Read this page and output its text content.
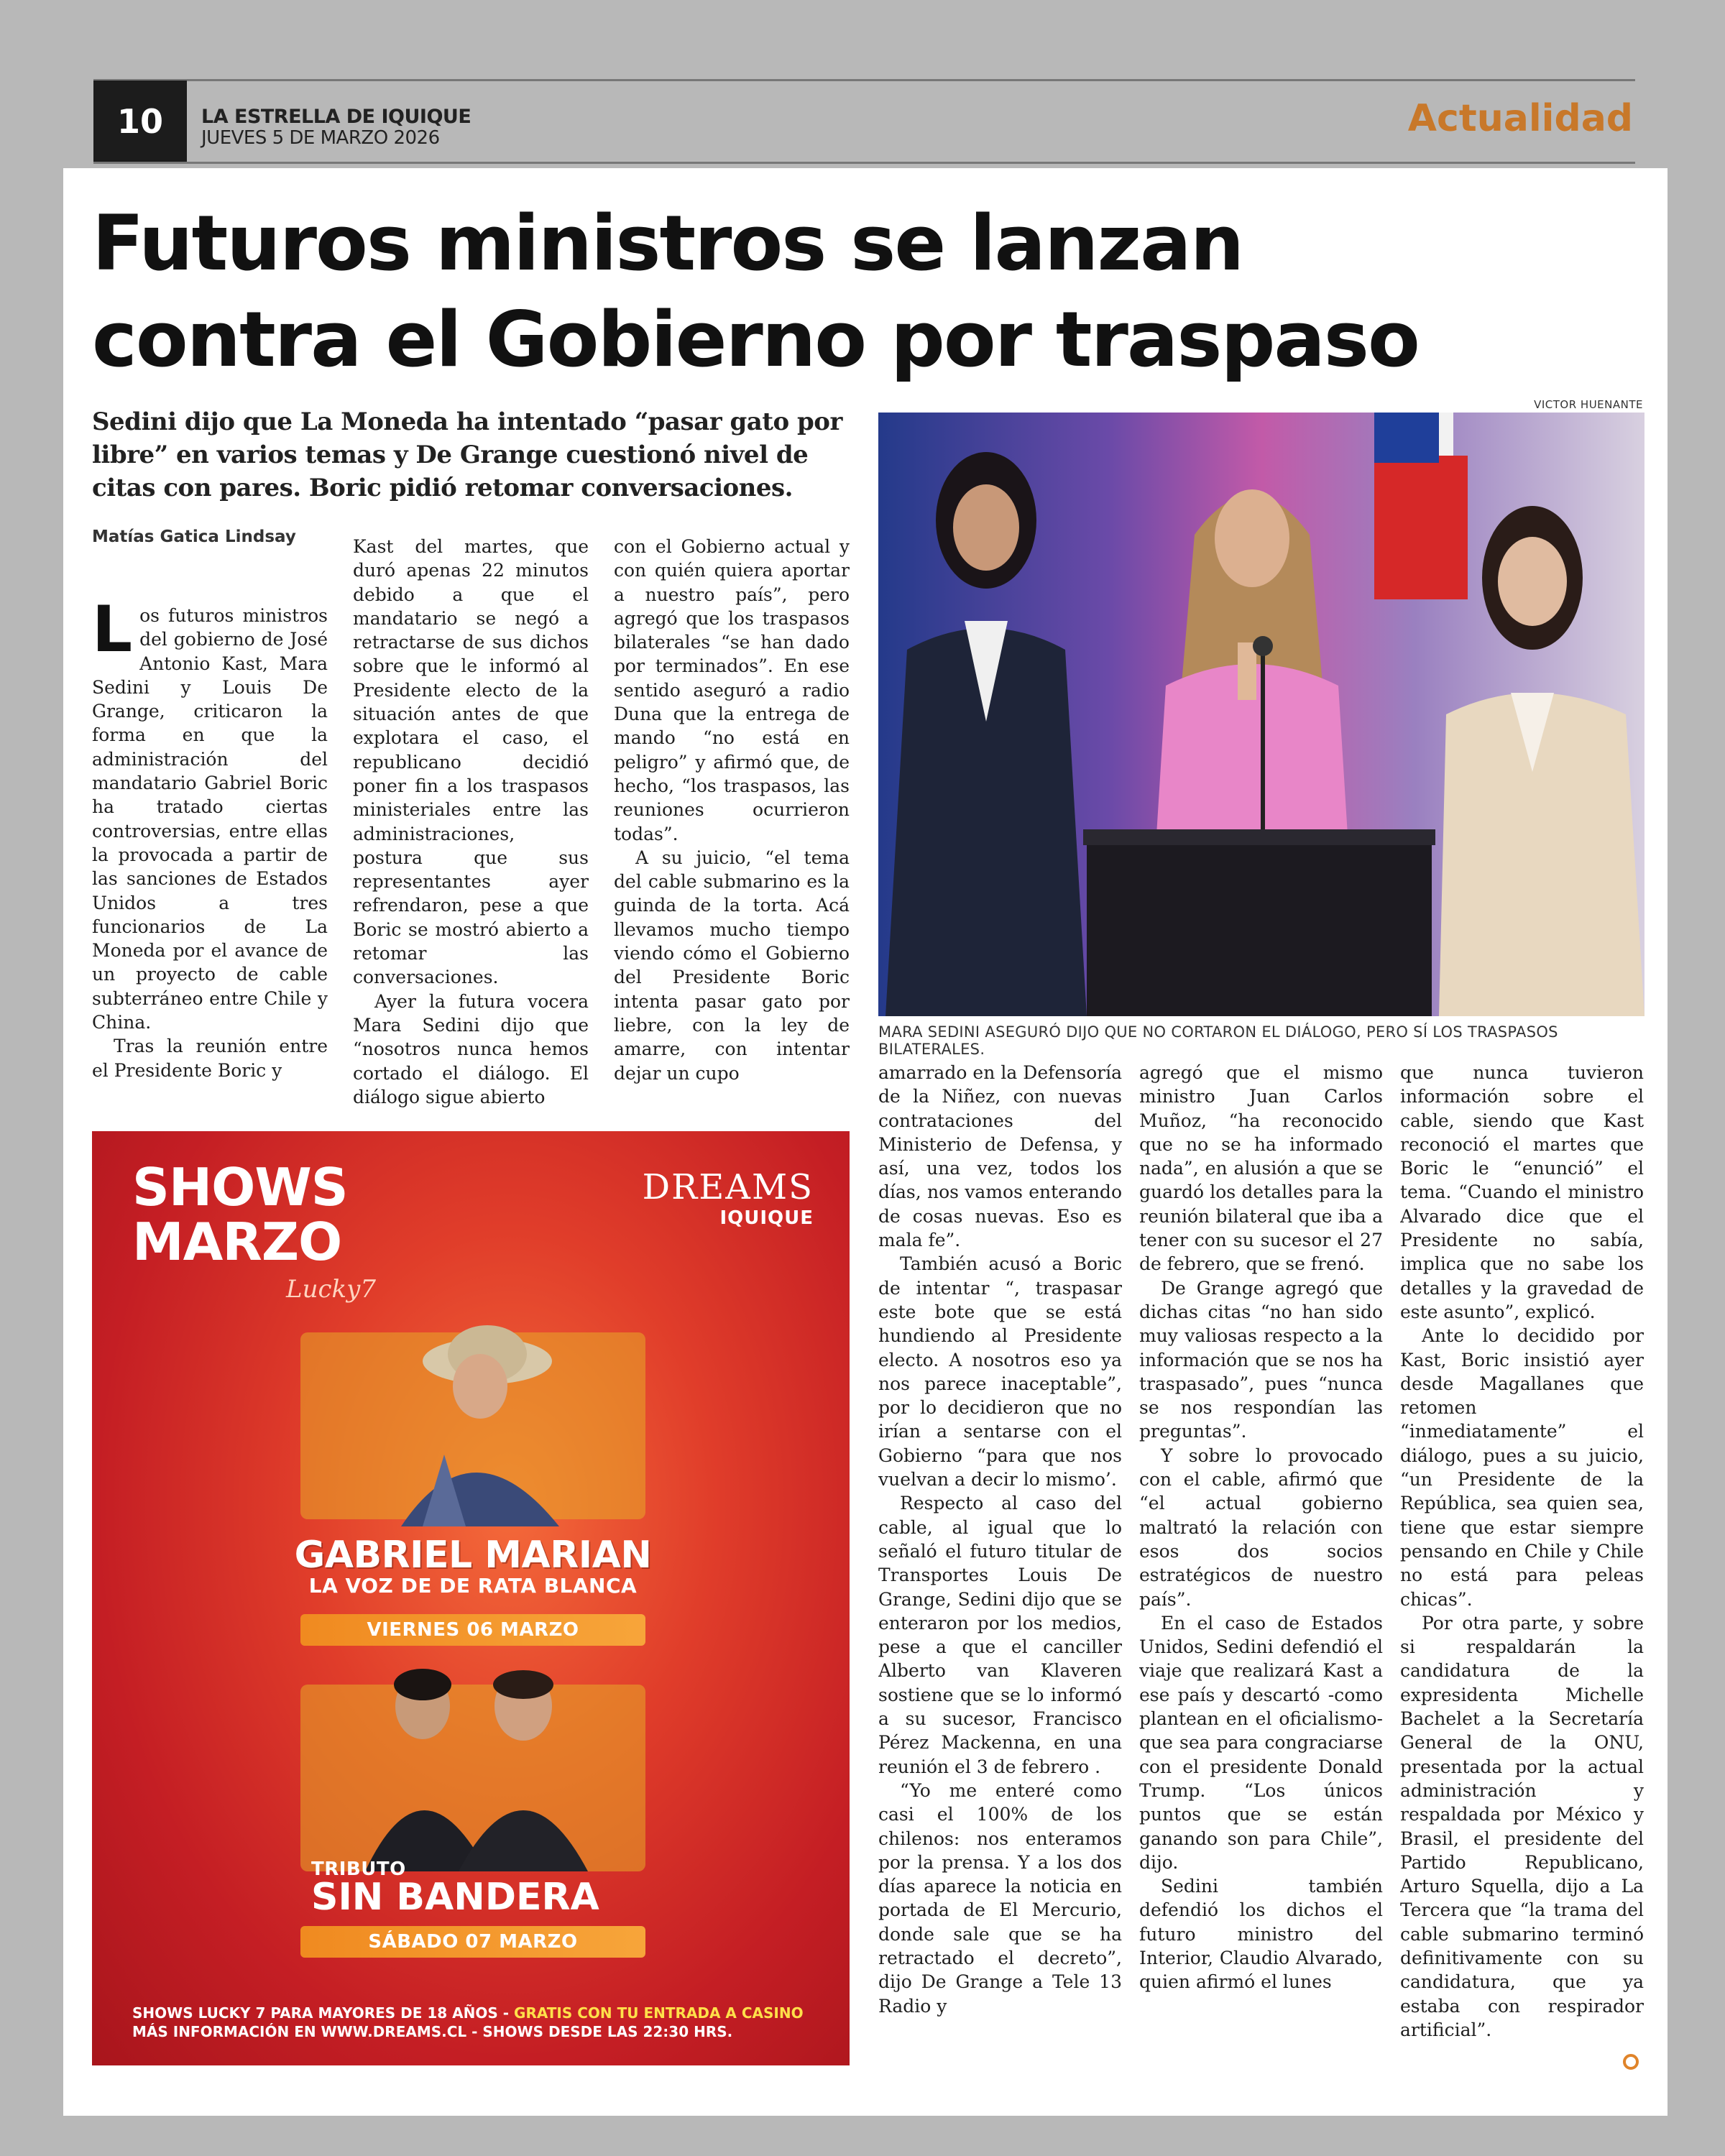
10	LA ESTRELLA DE IQUIQUE
JUEVES 5 DE MARZO 2026	Actualidad
Futuros ministros se lanzan
contra el Gobierno por traspaso
Sedini dijo que La Moneda ha intentado “pasar gato por libre” en varios temas y De Grange cuestionó nivel de citas con pares. Boric pidió retomar conversaciones.
Matías Gatica Lindsay

Los futuros ministros del gobierno de José Antonio Kast, Mara Sedini y Louis De Grange, criticaron la forma en que la administración del mandatario Gabriel Boric ha tratado ciertas controversias, entre ellas la provocada a partir de las sanciones de Estados Unidos a tres funcionarios de La Moneda por el avance de un proyecto de cable subterráneo entre Chile y China.

Tras la reunión entre el Presidente Boric y

Kast del martes, que duró apenas 22 minutos debido a que el mandatario se negó a retractarse de sus dichos sobre que le informó al Presidente electo de la situación antes de que explotara el caso, el republicano decidió poner fin a los traspasos ministeriales entre las administraciones, postura que sus representantes ayer refrendaron, pese a que Boric se mostró abierto a retomar las conversaciones.

Ayer la futura vocera Mara Sedini dijo que “nosotros nunca hemos cortado el diálogo. El diálogo sigue abierto

con el Gobierno actual y con quién quiera aportar a nuestro país”, pero agregó que los traspasos bilaterales “se han dado por terminados”. En ese sentido aseguró a radio Duna que la entrega de mando “no está en peligro” y afirmó que, de hecho, “los traspasos, las reuniones ocurrieron todas”.

A su juicio, “el tema del cable submarino es la guinda de la torta. Acá llevamos mucho tiempo viendo cómo el Gobierno del Presidente Boric intenta pasar gato por liebre, con la ley de amarre, con intentar dejar un cupo

VICTOR HUENANTE
MARA SEDINI ASEGURÓ DIJO QUE NO CORTARON EL DIÁLOGO, PERO SÍ LOS TRASPASOS BILATERALES.
SHOWS
MARZO
Lucky7
DREAMS
IQUIQUE
GABRIEL MARIAN
LA VOZ DE DE RATA BLANCA
VIERNES 06 MARZO
TRIBUTO
SIN BANDERA
SÁBADO 07 MARZO
SHOWS LUCKY 7 PARA MAYORES DE 18 AÑOS - GRATIS CON TU ENTRADA A CASINO
MÁS INFORMACIÓN EN WWW.DREAMS.CL - SHOWS DESDE LAS 22:30 HRS.

amarrado en la Defensoría de la Niñez, con nuevas contrataciones del Ministerio de Defensa, y así, una vez, todos los días, nos vamos enterando de cosas nuevas. Eso es mala fe”.

También acusó a Boric de intentar “, traspasar este bote que se está hundiendo al Presidente electo. A nosotros eso ya nos parece inaceptable”, por lo decidieron que no irían a sentarse con el Gobierno “para que nos vuelvan a decir lo mismo’.

Respecto al caso del cable, al igual que lo señaló el futuro titular de Transportes Louis De Grange, Sedini dijo que se enteraron por los medios, pese a que el canciller Alberto van Klaveren sostiene que se lo informó a su sucesor, Francisco Pérez Mackenna, en una reunión el 3 de febrero .

“Yo me enteré como casi el 100% de los chilenos: nos enteramos por la prensa. Y a los dos días aparece la noticia en portada de El Mercurio, donde sale que se ha retractado el decreto”, dijo De Grange a Tele 13 Radio y

agregó que el mismo ministro Juan Carlos Muñoz, “ha reconocido que no se ha informado nada”, en alusión a que se guardó los detalles para la reunión bilateral que iba a tener con su sucesor el 27 de febrero, que se frenó.

De Grange agregó que dichas citas “no han sido muy valiosas respecto a la información que se nos ha traspasado”, pues “nunca se nos respondían las preguntas”.

Y sobre lo provocado con el cable, afirmó que “el actual gobierno maltrató la relación con esos dos socios estratégicos de nuestro país”.

En el caso de Estados Unidos, Sedini defendió el viaje que realizará Kast a ese país y descartó -como plantean en el oficialismo- que sea para congraciarse con el presidente Donald Trump. “Los únicos puntos que se están ganando son para Chile”, dijo.

Sedini también defendió los dichos el futuro ministro del Interior, Claudio Alvarado, quien afirmó el lunes

que nunca tuvieron información sobre el cable, siendo que Kast reconoció el martes que Boric le “enunció” el tema. “Cuando el ministro Alvarado dice que el Presidente no sabía, implica que no sabe los detalles y la gravedad de este asunto”, explicó.

Ante lo decidido por Kast, Boric insistió ayer desde Magallanes que retomen “inmediatamente” el diálogo, pues a su juicio, “un Presidente de la República, sea quien sea, tiene que estar siempre pensando en Chile y Chile no está para peleas chicas”.

Por otra parte, y sobre si respaldarán la candidatura de la expresidenta Michelle Bachelet a la Secretaría General de la ONU, presentada por la actual administración y respaldada por México y Brasil, el presidente del Partido Republicano, Arturo Squella, dijo a La Tercera que “la trama del cable submarino terminó definitivamente con su candidatura, que ya estaba con respirador artificial”.
